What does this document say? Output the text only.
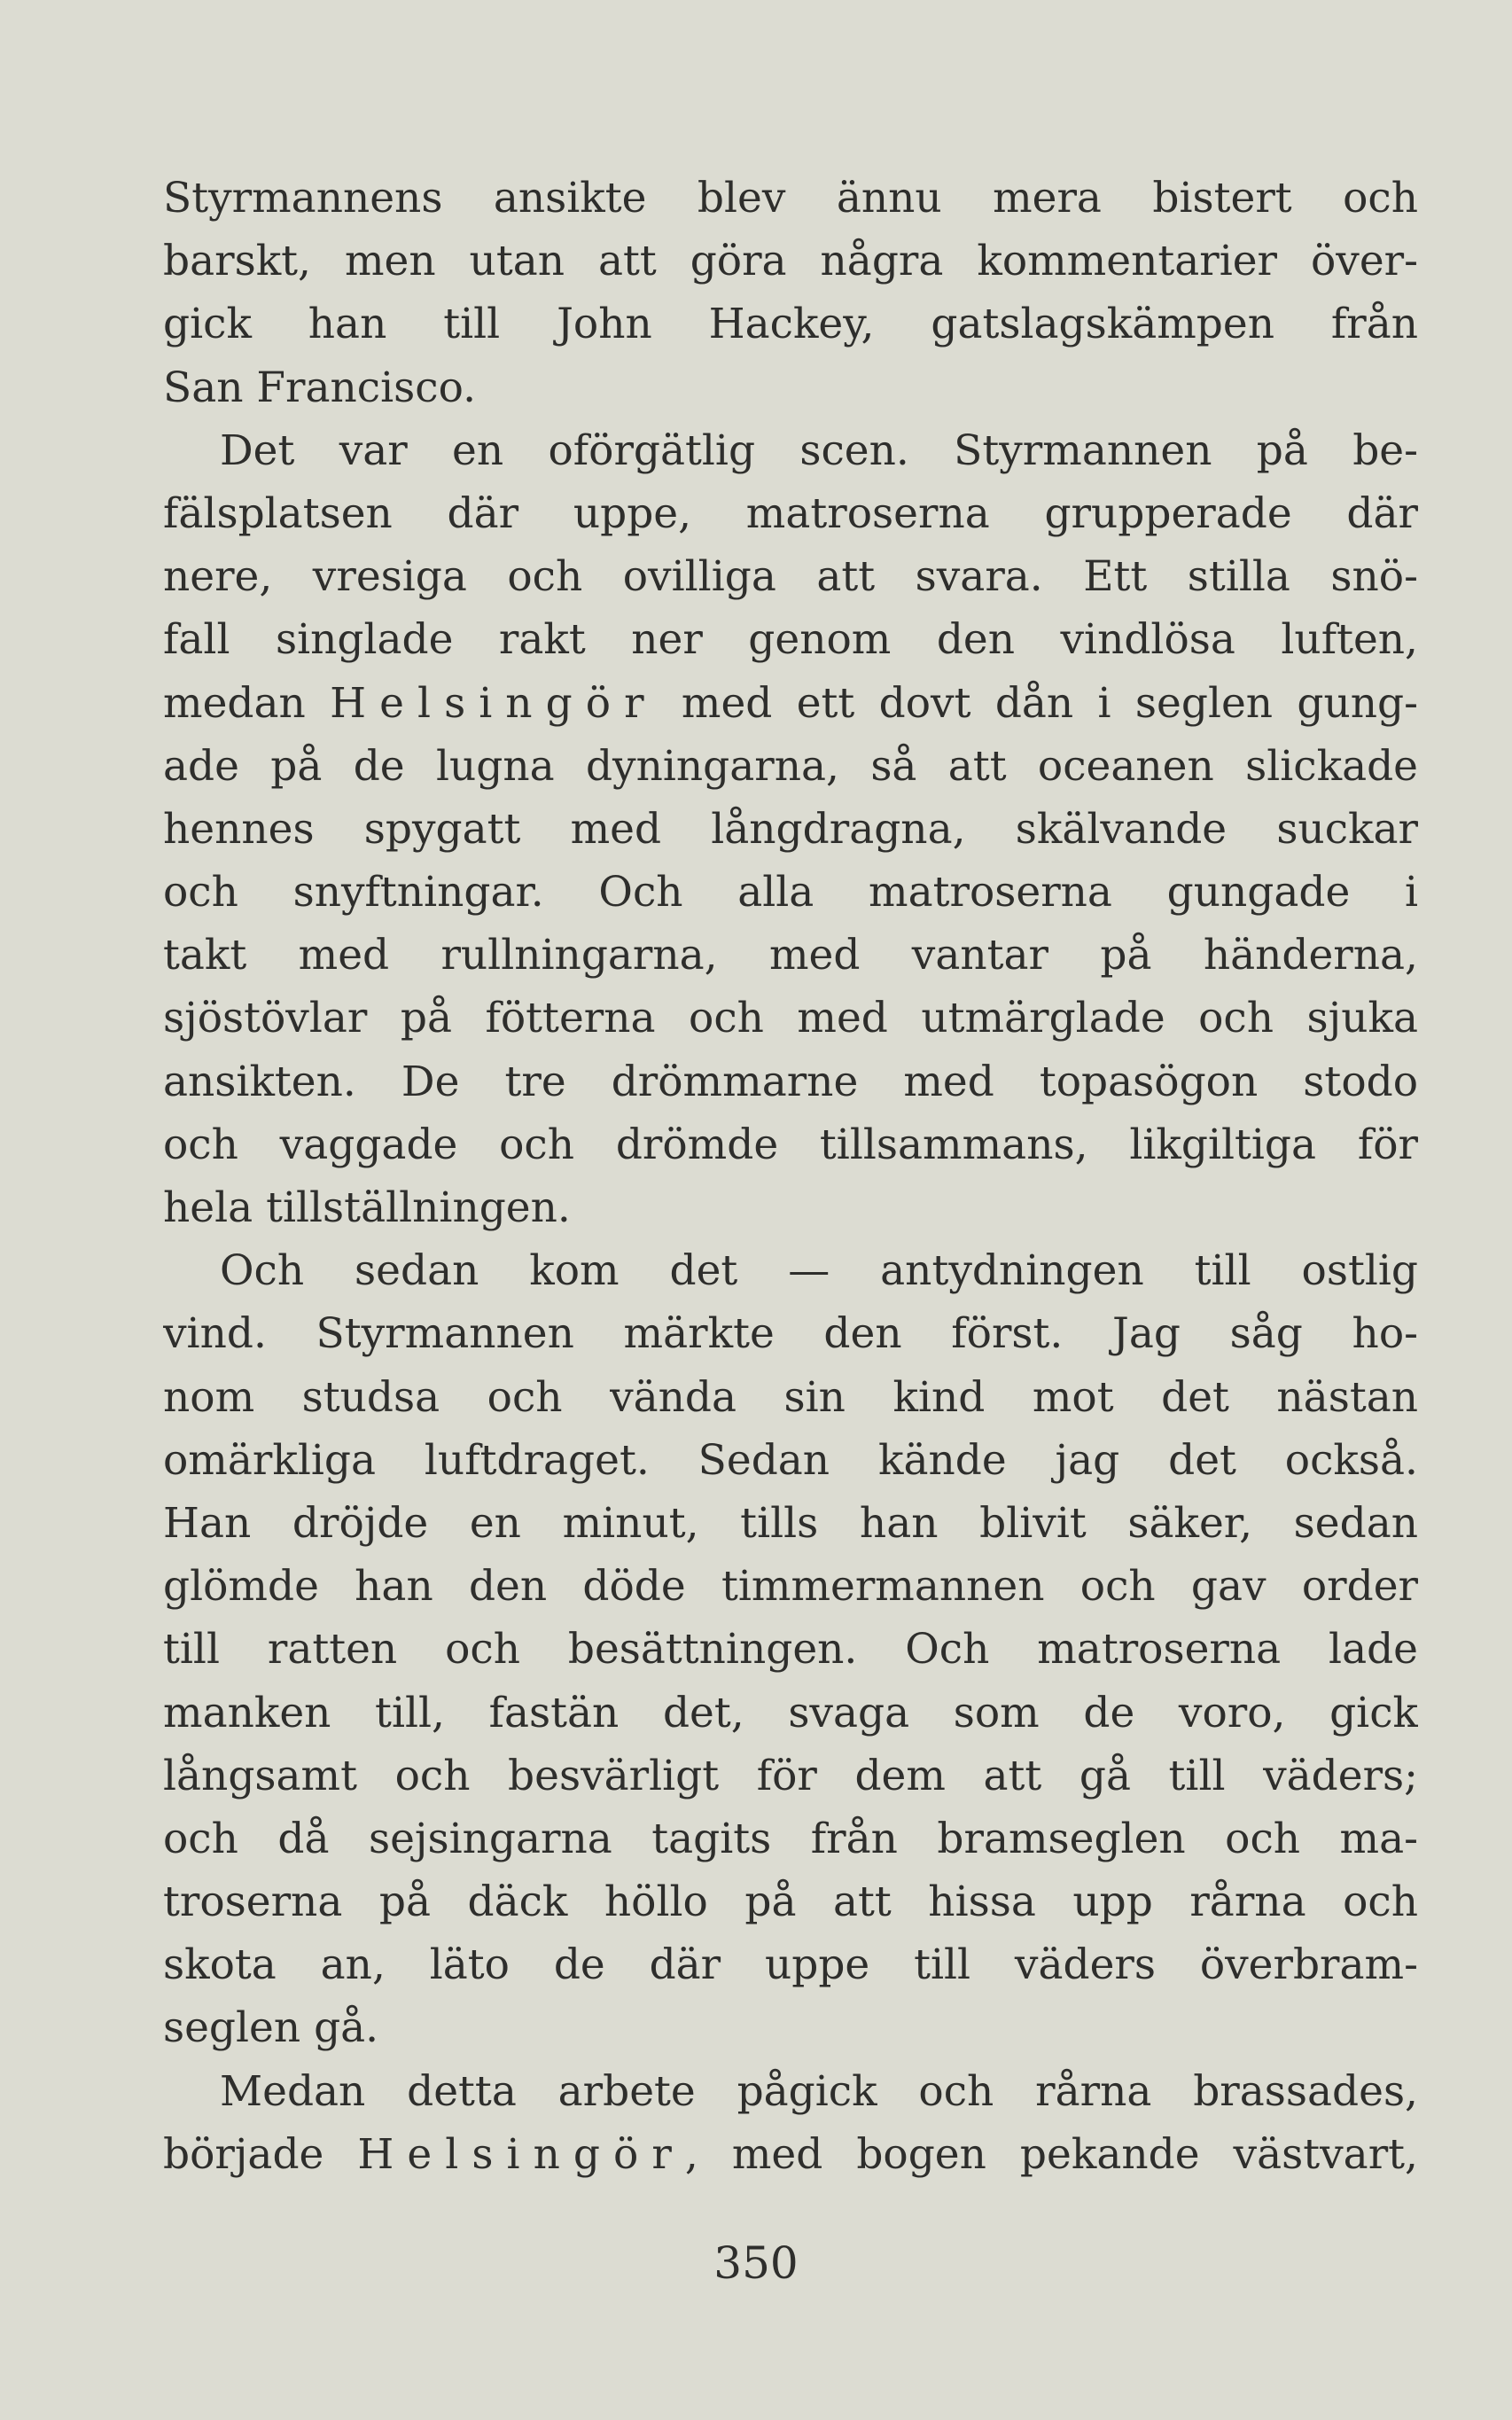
Styrmannens ansikte blev ännu mera bistert och
barskt, men utan att göra några kommentarier över-
gick han till John Hackey, gatslagskämpen från
San Francisco.
Det var en oförgätlig scen. Styrmannen på be-
fälsplatsen där uppe, matroserna grupperade där
nere, vresiga och ovilliga att svara. Ett stilla snö-
fall singlade rakt ner genom den vindlösa luften,
medan Helsingör med ett dovt dån i seglen gung-
ade på de lugna dyningarna, så att oceanen slickade
hennes spygatt med långdragna, skälvande suckar
och snyftningar. Och alla matroserna gungade i
takt med rullningarna, med vantar på händerna,
sjöstövlar på fötterna och med utmärglade och sjuka
ansikten. De tre drömmarne med topasögon stodo
och vaggade och drömde tillsammans, likgiltiga för
hela tillställningen.
Och sedan kom det — antydningen till ostlig
vind. Styrmannen märkte den först. Jag såg ho-
nom studsa och vända sin kind mot det nästan
omärkliga luftdraget. Sedan kände jag det också.
Han dröjde en minut, tills han blivit säker, sedan
glömde han den döde timmermannen och gav order
till ratten och besättningen. Och matroserna lade
manken till, fastän det, svaga som de voro, gick
långsamt och besvärligt för dem att gå till väders;
och då sejsingarna tagits från bramseglen och ma-
troserna på däck höllo på att hissa upp rårna och
skota an, läto de där uppe till väders överbram-
seglen gå.
Medan detta arbete pågick och rårna brassades,
började Helsingör, med bogen pekande västvart,
350
